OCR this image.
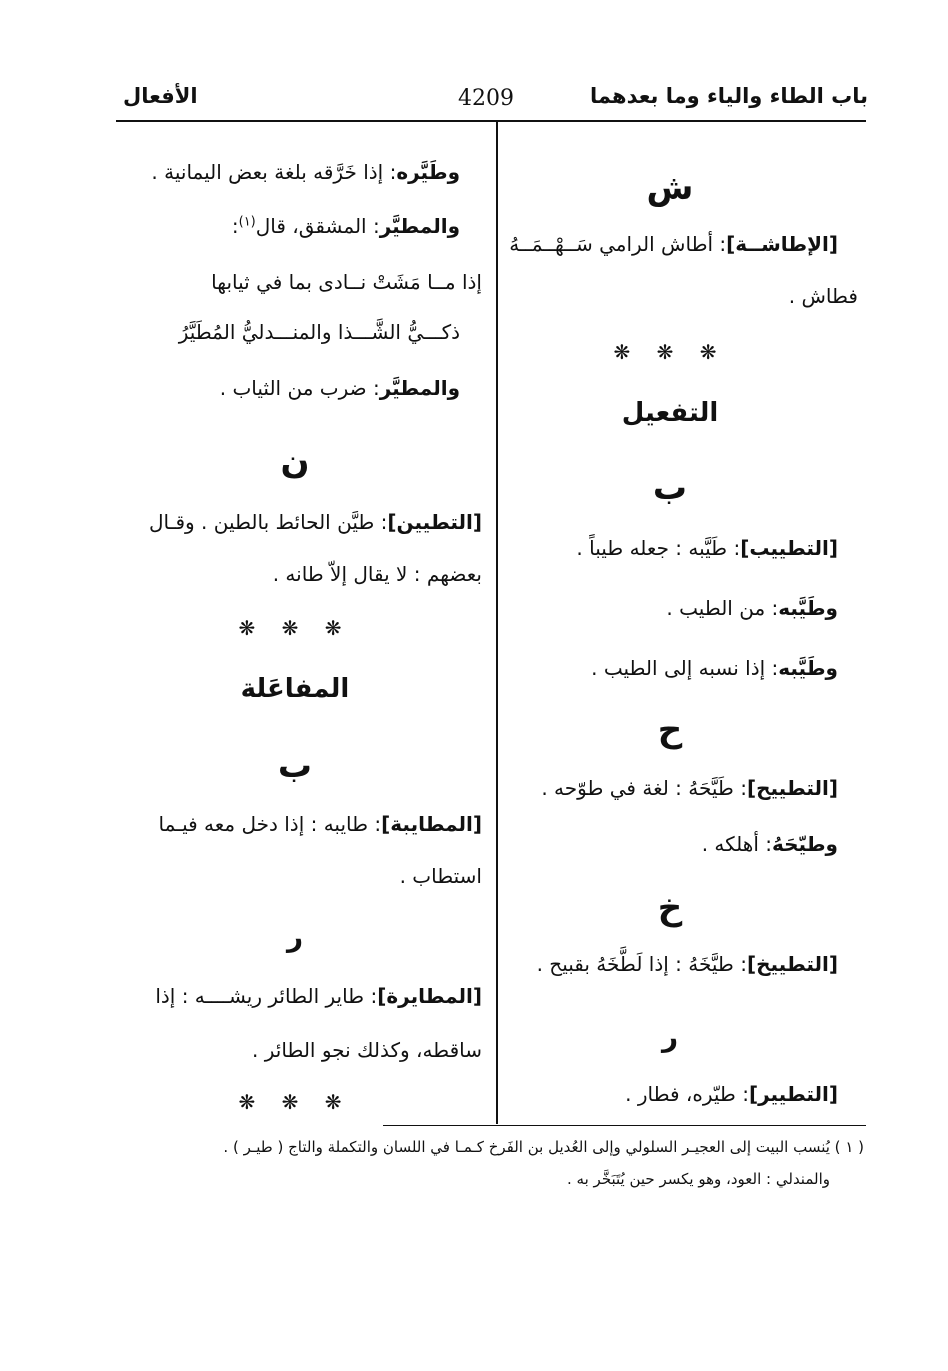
باب الطاء والياء وما بعدهما
4209
الأفعال
ش
[الإطاشــة]: أطاش الرامي سَــهْــمَــهُ
فطاش .
❋ ❋ ❋
التفعيل
ب
[التطييب]: طَيَّبه : جعله طيباً .
وطَيَّبه: من الطيب .
وطَيَّبه: إذا نسبه إلى الطيب .
ح
[التطييح]: طَيَّحَهُ : لغة في طوّحه .
وطيّحَهُ: أهلكه .
خ
[التطييخ]: طيَّخَهُ : إذا لَطَّخَهُ بقبيح .
ر
[التطيير]: طيّره، فطار .
وطَيَّره: إذا خَرَّقه بلغة بعض اليمانية .
والمطيَّر: المشقق، قال$^{(١)}$:
إذا مــا مَشَتْ نــادى بما في ثيابها
ذكـــيُّ الشَّـــذا والمنـــدليُّ المُطَيَّرُ
والمطيَّر: ضرب من الثياب .
ن
[التطيين]: طيَّن الحائط بالطين . وقـال
بعضهم : لا يقال إلاّ طانه .
❋ ❋ ❋
المفاعَلة
ب
[المطايبة]: طايبه : إذا دخل معه فيـما
استطاب .
ر
[المطايرة]: طاير الطائر ريشــــه : إذا
ساقطه، وكذلك نجو الطائر .
❋ ❋ ❋
( ١ ) يُنسب البيت إلى العجيـر السلولي وإلى العُديل بن الفَرخ كـمـا في اللسان والتكملة والتاج ( طيـر ) .
والمندلي : العود، وهو يكسر حين يُتَبَخَّر به .
